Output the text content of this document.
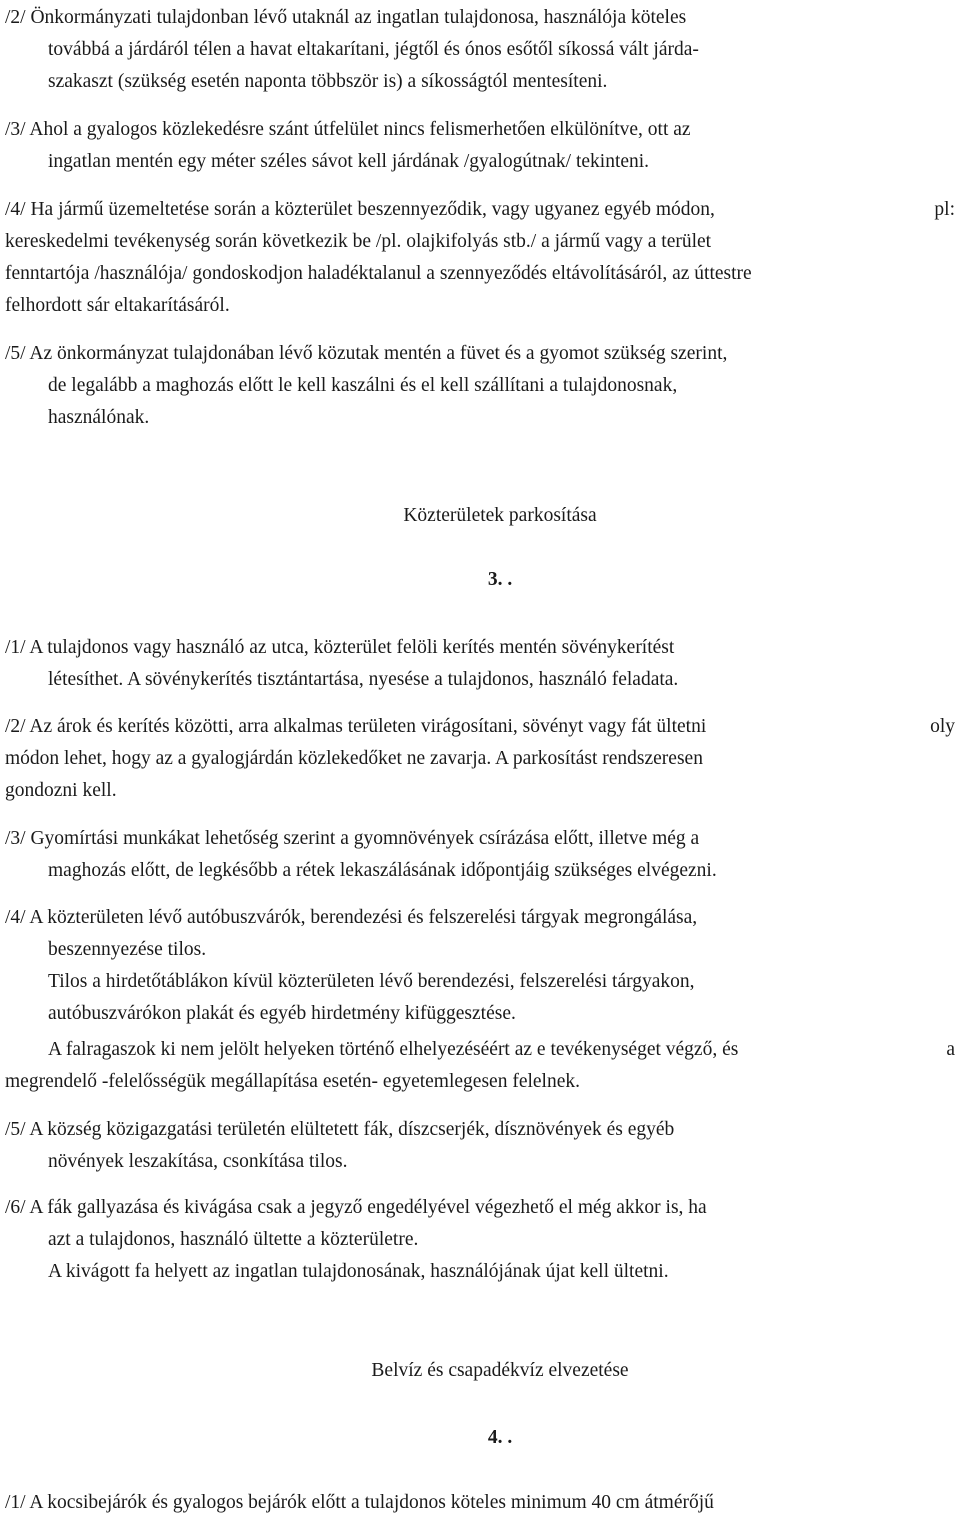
/2/ Önkormányzati tulajdonban lévő utaknál az ingatlan tulajdonosa, használója köteles

továbbá a járdáról télen a havat eltakarítani, jégtől és ónos esőtől síkossá vált járda-

szakaszt (szükség esetén naponta többször is) a síkosságtól mentesíteni.

/3/ Ahol a gyalogos közlekedésre szánt útfelület nincs felismerhetően elkülönítve, ott az

ingatlan mentén egy méter széles sávot kell járdának /gyalogútnak/ tekinteni.

/4/ Ha jármű üzemeltetése során a közterület beszennyeződik, vagy ugyanez egyéb módon,	pl:

kereskedelmi tevékenység során következik be /pl. olajkifolyás stb./ a jármű vagy a terület

fenntartója /használója/ gondoskodjon haladéktalanul a szennyeződés eltávolításáról, az úttestre

felhordott sár eltakarításáról.

/5/ Az önkormányzat tulajdonában lévő közutak mentén a füvet és a gyomot szükség szerint,

de legalább a maghozás előtt le kell kaszálni és el kell szállítani a tulajdonosnak,

használónak.

Közterületek parkosítása

3. .

/1/ A tulajdonos vagy használó az utca, közterület felöli kerítés mentén sövénykerítést

létesíthet. A sövénykerítés tisztántartása, nyesése a tulajdonos, használó feladata.

/2/ Az árok és kerítés közötti, arra alkalmas területen virágosítani, sövényt vagy fát ültetni	oly

módon lehet, hogy az a gyalogjárdán közlekedőket ne zavarja. A parkosítást rendszeresen

gondozni kell.

/3/ Gyomírtási munkákat lehetőség szerint a gyomnövények csírázása előtt, illetve még a

maghozás előtt, de legkésőbb a rétek lekaszálásának időpontjáig szükséges elvégezni.

/4/ A közterületen lévő autóbuszvárók, berendezési és felszerelési tárgyak megrongálása,

beszennyezése tilos.

Tilos a hirdetőtáblákon kívül közterületen lévő berendezési, felszerelési tárgyakon,

autóbuszvárókon plakát és egyéb hirdetmény kifüggesztése.

A falragaszok ki nem jelölt helyeken történő elhelyezéséért az e tevékenységet végző, és	a

megrendelő -felelősségük megállapítása esetén- egyetemlegesen felelnek.

/5/ A község közigazgatási területén elültetett fák, díszcserjék, dísznövények és egyéb

növények leszakítása, csonkítása tilos.

/6/ A fák gallyazása és kivágása csak a jegyző engedélyével végezhető el még akkor is, ha

azt a tulajdonos, használó ültette a közterületre.

A kivágott fa helyett az ingatlan tulajdonosának, használójának újat kell ültetni.

Belvíz és csapadékvíz elvezetése

4. .

/1/ A kocsibejárók és gyalogos bejárók előtt a tulajdonos köteles minimum 40 cm átmérőjű
